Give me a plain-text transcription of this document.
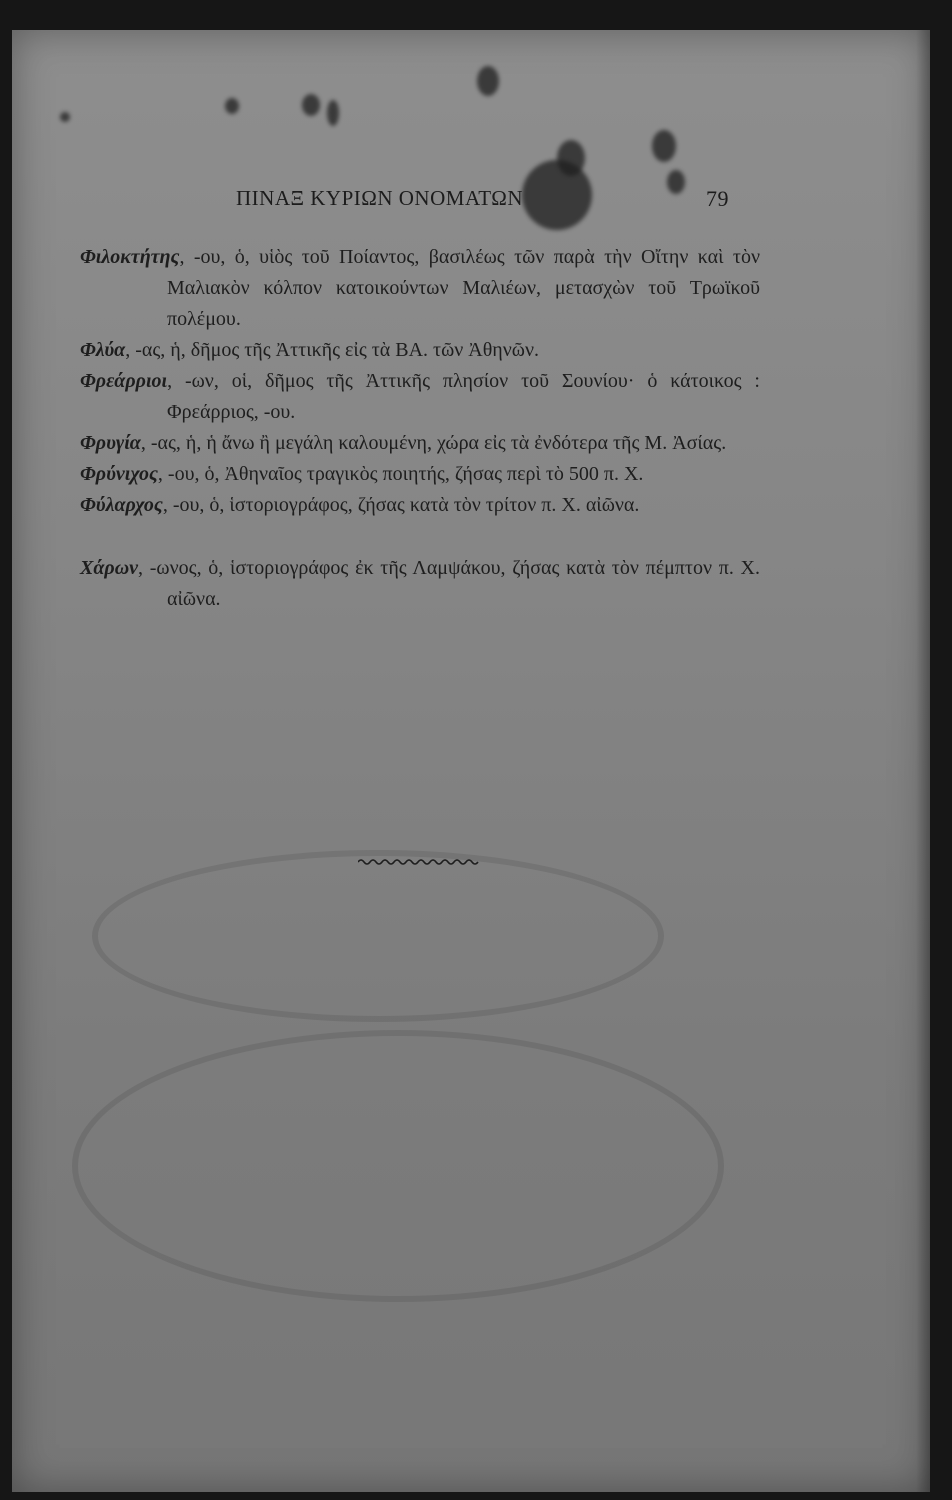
ΠΙΝΑΞ ΚΥΡΙΩΝ ΟΝΟΜΑΤΩΝ	79

Φιλοκτήτης, -ου, ὁ, υἱὸς τοῦ Ποίαντος, βασιλέως τῶν παρὰ τὴν Οἴτην καὶ τὸν Μαλιακὸν κόλπον κατοικούντων Μαλιέων, μετασχὼν τοῦ Τρωϊκοῦ πολέμου.

Φλύα, -ας, ἡ, δῆμος τῆς Ἀττικῆς εἰς τὰ ΒΑ. τῶν Ἀθηνῶν.

Φρεάρριοι, -ων, οἱ, δῆμος τῆς Ἀττικῆς πλησίον τοῦ Σουνίου· ὁ κάτοικος : Φρεάρριος, -ου.

Φρυγία, -ας, ἡ, ἡ ἄνω ἢ μεγάλη καλουμένη, χώρα εἰς τὰ ἐνδότερα τῆς Μ. Ἀσίας.

Φρύνιχος, -ου, ὁ, Ἀθηναῖος τραγικὸς ποιητής, ζήσας περὶ τὸ 500 π. Χ.

Φύλαρχος, -ου, ὁ, ἱστοριογράφος, ζήσας κατὰ τὸν τρίτον π. Χ. αἰῶνα.

Χάρων, -ωνος, ὁ, ἱστοριογράφος ἐκ τῆς Λαμψάκου, ζήσας κατὰ τὸν πέμπτον π. Χ. αἰῶνα.
